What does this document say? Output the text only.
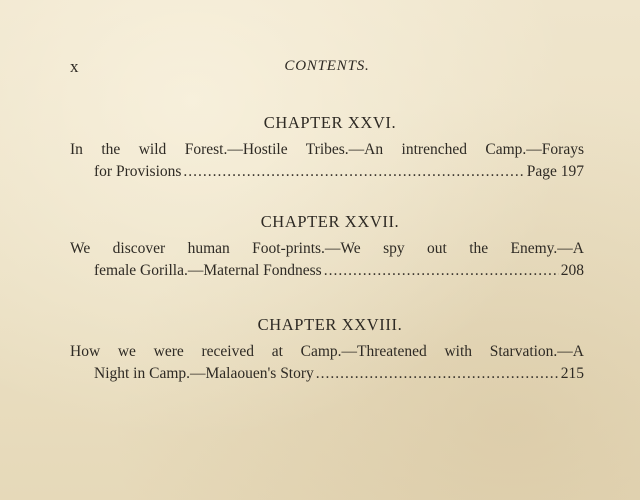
x	CONTENTS.
CHAPTER XXVI.
In the wild Forest.—Hostile Tribes.—An intrenched Camp.—Forays
for Provisions .....	Page 197
CHAPTER XXVII.
We discover human Foot-prints.—We spy out the Enemy.—A
female Gorilla.—Maternal Fondness .....	208
CHAPTER XXVIII.
How we were received at Camp.—Threatened with Starvation.—A
Night in Camp.—Malaouen's Story .....	215
